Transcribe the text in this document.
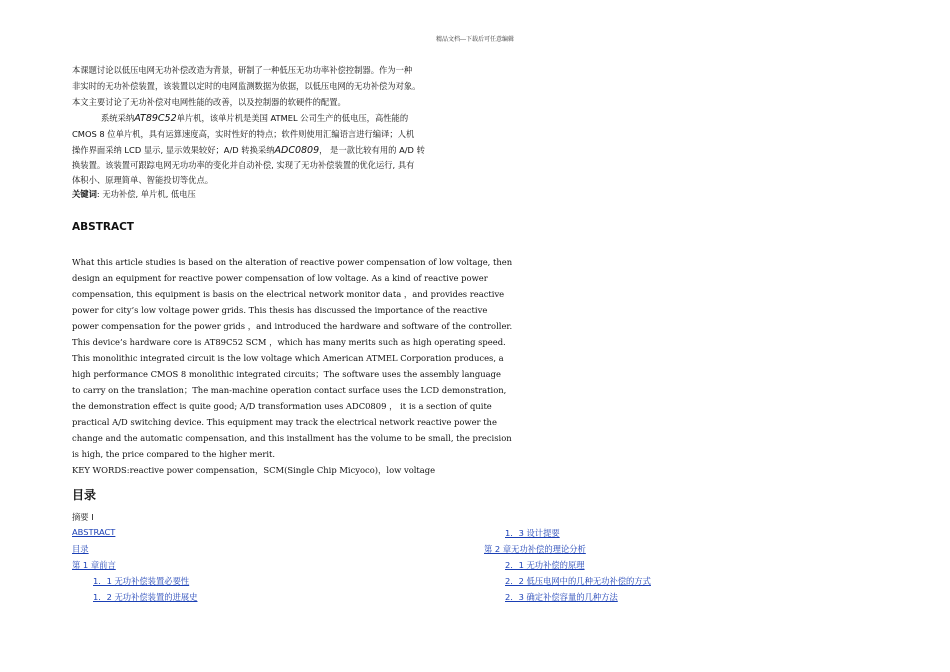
精品文档---下载后可任意编辑
本课题讨论以低压电网无功补偿改造为背景，研制了一种低压无功功率补偿控制器。作为一种
非实时的无功补偿装置，该装置以定时的电网监测数据为依据，以低压电网的无功补偿为对象。
本文主要讨论了无功补偿对电网性能的改善，以及控制器的软硬件的配置。
系统采纳AT89C52单片机，该单片机是美国 ATMEL 公司生产的低电压，高性能的
CMOS 8 位单片机，具有运算速度高，实时性好的特点；软件则使用汇编语言进行编译；人机
操作界面采纳 LCD 显示, 显示效果较好；A/D 转换采纳ADC0809， 是一款比较有用的 A/D 转
换装置。该装置可跟踪电网无功功率的变化并自动补偿, 实现了无功补偿装置的优化运行, 具有
体积小、原理简单、智能投切等优点。
关键词: 无功补偿, 单片机, 低电压
ABSTRACT
What this article studies is based on the alteration of reactive power compensation of low voltage, then
design an equipment for reactive power compensation of low voltage. As a kind of reactive power
compensation, this equipment is basis on the electrical network monitor data ，and provides reactive
power for city’s low voltage power grids. This thesis has discussed the importance of the reactive
power compensation for the power grids ，and introduced the hardware and software of the controller.
This device’s hardware core is AT89C52 SCM ，which has many merits such as high operating speed.
This monolithic integrated circuit is the low voltage which American ATMEL Corporation produces, a
high performance CMOS 8 monolithic integrated circuits；The software uses the assembly language
to carry on the translation；The man-machine operation contact surface uses the LCD demonstration,
the demonstration effect is quite good; A/D transformation uses ADC0809 ， it is a section of quite
practical A/D switching device. This equipment may track the electrical network reactive power the
change and the automatic compensation, and this installment has the volume to be small, the precision
is high, the price compared to the higher merit.
KEY WORDS:reactive power compensation，SCM(Single Chip Micyoco)，low voltage
目录
摘要 I
ABSTRACT
目录
第 1 章前言
1．1 无功补偿装置必要性
1．2 无功补偿装置的进展史
1．3 设计提要
第 2 章无功补偿的理论分析
2．1 无功补偿的原理
2．2 低压电网中的几种无功补偿的方式
2．3 确定补偿容量的几种方法
